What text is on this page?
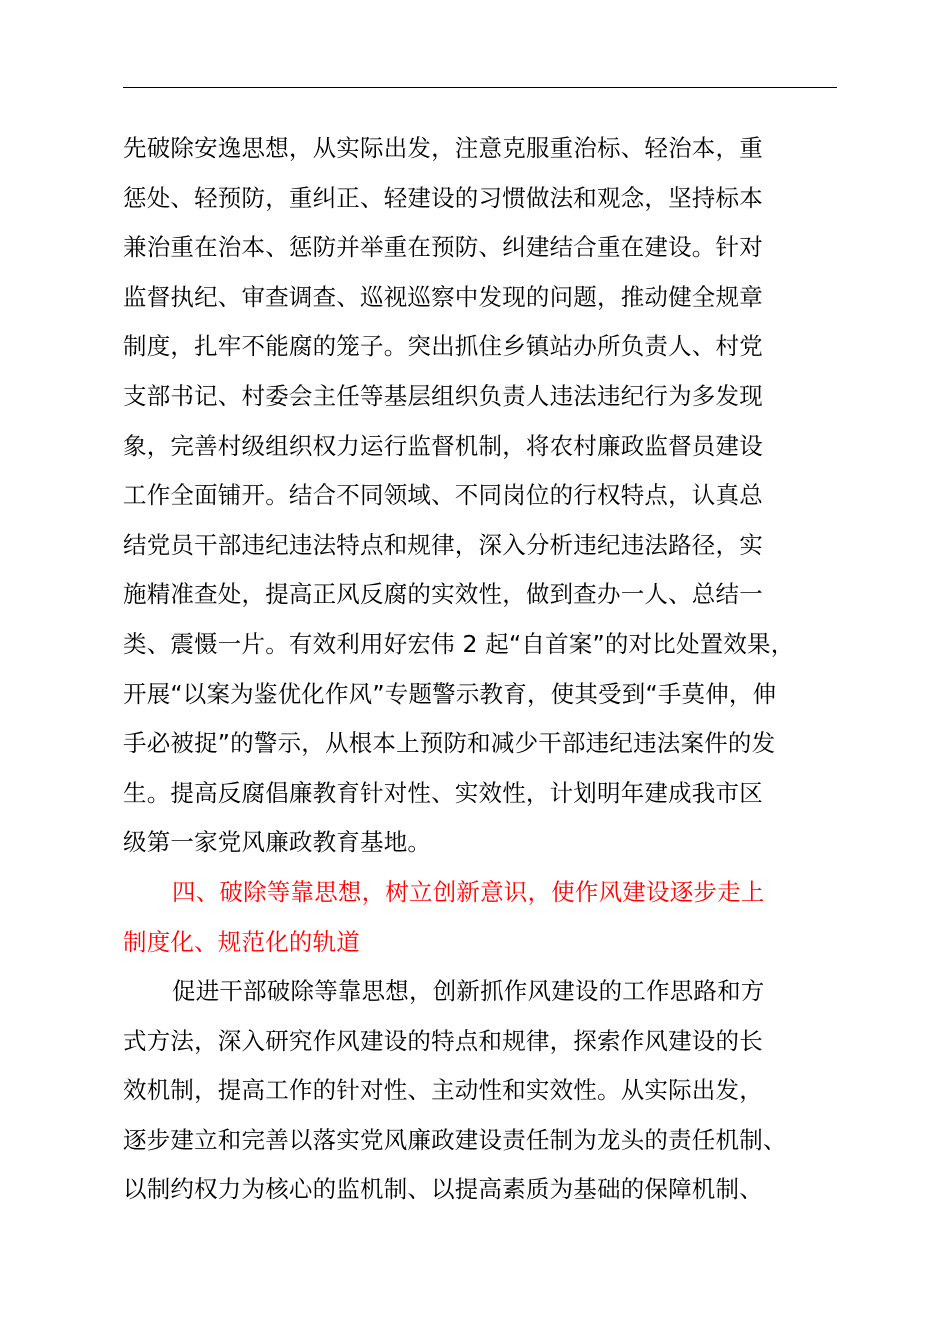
先破除安逸思想，从实际出发，注意克服重治标、轻治本，重
惩处、轻预防，重纠正、轻建设的习惯做法和观念，坚持标本
兼治重在治本、惩防并举重在预防、纠建结合重在建设。针对
监督执纪、审查调查、巡视巡察中发现的问题，推动健全规章
制度，扎牢不能腐的笼子。突出抓住乡镇站办所负责人、村党
支部书记、村委会主任等基层组织负责人违法违纪行为多发现
象，完善村级组织权力运行监督机制，将农村廉政监督员建设
工作全面铺开。结合不同领域、不同岗位的行权特点，认真总
结党员干部违纪违法特点和规律，深入分析违纪违法路径，实
施精准查处，提高正风反腐的实效性，做到查办一人、总结一
类、震慑一片。有效利用好宏伟 2 起“自首案”的对比处置效果，
开展“以案为鉴优化作风”专题警示教育，使其受到“手莫伸，伸
手必被捉”的警示，从根本上预防和减少干部违纪违法案件的发
生。提高反腐倡廉教育针对性、实效性，计划明年建成我市区
级第一家党风廉政教育基地。
四、破除等靠思想，树立创新意识，使作风建设逐步走上
制度化、规范化的轨道
促进干部破除等靠思想，创新抓作风建设的工作思路和方
式方法，深入研究作风建设的特点和规律，探索作风建设的长
效机制，提高工作的针对性、主动性和实效性。从实际出发，
逐步建立和完善以落实党风廉政建设责任制为龙头的责任机制、
以制约权力为核心的监机制、以提高素质为基础的保障机制、
